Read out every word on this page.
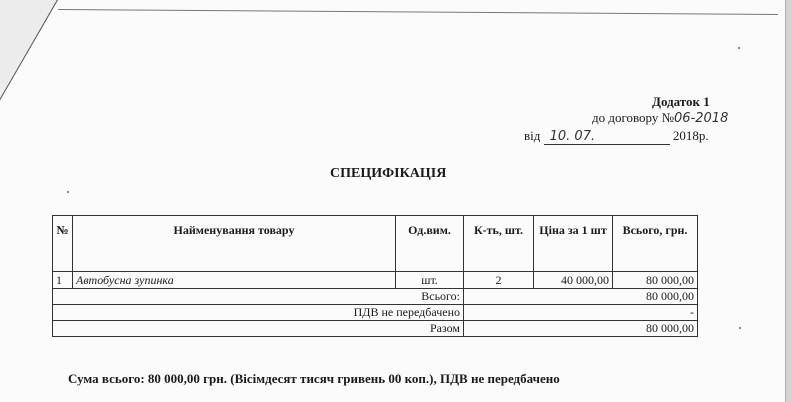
Додаток 1
до договору №06-2018
від 10. 07.	2018р.
СПЕЦИФІКАЦІЯ
№	Найменування товару	Од.вим.	К-ть, шт.	Ціна за 1 шт	Всього, грн.
1	Автобусна зупинка	шт.	2	40 000,00	80 000,00
Всього:			80 000,00		
ПДВ не передбачено			-		
Разом			80 000,00		
Сума всього: 80 000,00 грн. (Вісімдесят тисяч гривень 00 коп.), ПДВ не передбачено
